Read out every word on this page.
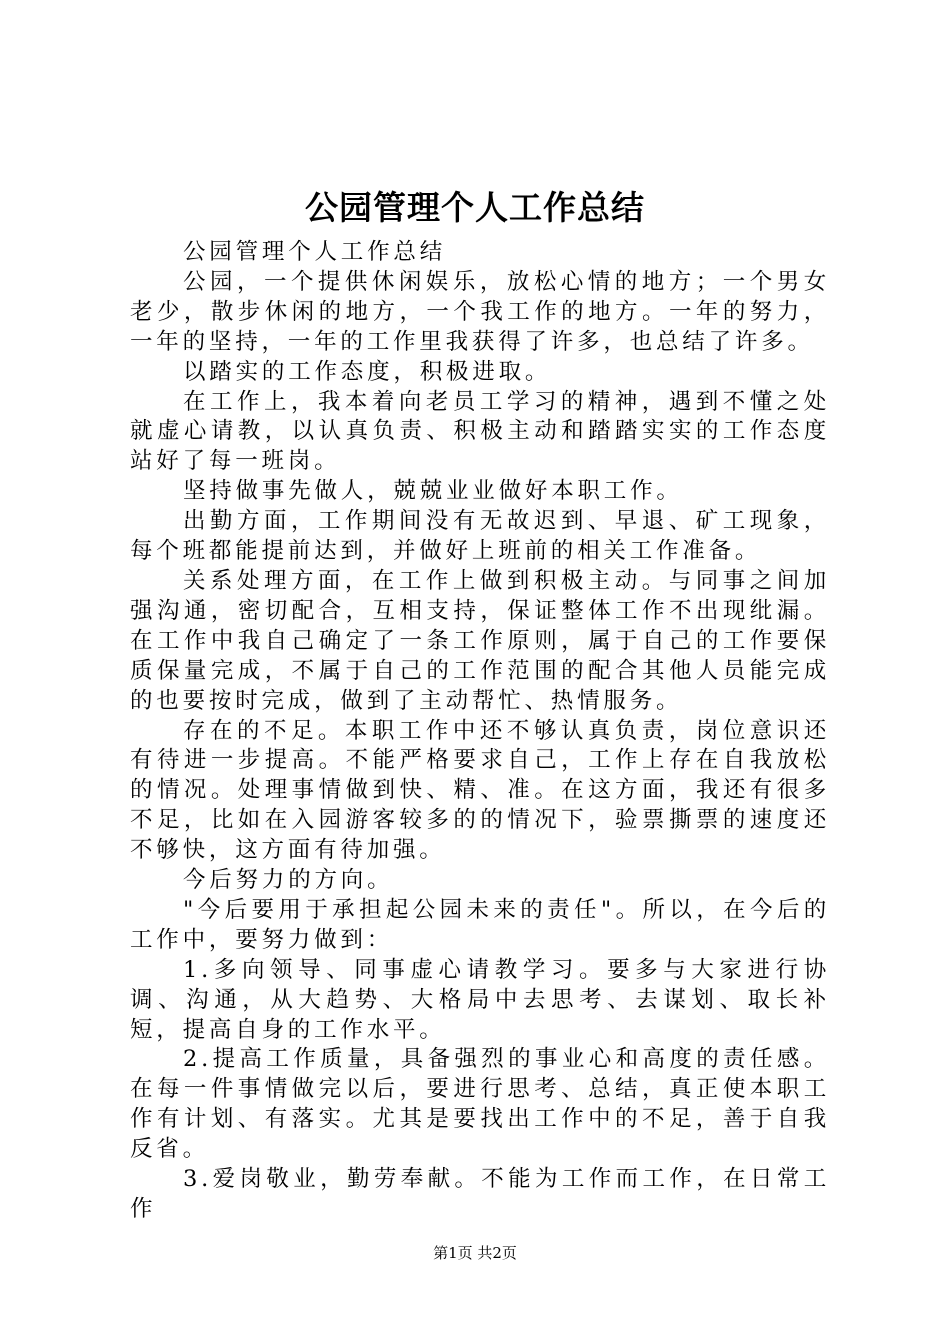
公园管理个人工作总结

公园管理个人工作总结

公园，一个提供休闲娱乐，放松心情的地方；一个男女老少，散步休闲的地方，一个我工作的地方。一年的努力，一年的坚持，一年的工作里我获得了许多，也总结了许多。

以踏实的工作态度，积极进取。

在工作上，我本着向老员工学习的精神，遇到不懂之处就虚心请教，以认真负责、积极主动和踏踏实实的工作态度站好了每一班岗。

坚持做事先做人，兢兢业业做好本职工作。

出勤方面，工作期间没有无故迟到、早退、矿工现象，每个班都能提前达到，并做好上班前的相关工作准备。

关系处理方面，在工作上做到积极主动。与同事之间加强沟通，密切配合，互相支持，保证整体工作不出现纰漏。在工作中我自己确定了一条工作原则，属于自己的工作要保质保量完成，不属于自己的工作范围的配合其他人员能完成的也要按时完成，做到了主动帮忙、热情服务。

存在的不足。本职工作中还不够认真负责，岗位意识还有待进一步提高。不能严格要求自己，工作上存在自我放松的情况。处理事情做到快、精、准。在这方面，我还有很多不足，比如在入园游客较多的的情况下，验票撕票的速度还不够快，这方面有待加强。

今后努力的方向。

"今后要用于承担起公园未来的责任"。所以，在今后的工作中，要努力做到：

1.多向领导、同事虚心请教学习。要多与大家进行协调、沟通，从大趋势、大格局中去思考、去谋划、取长补短，提高自身的工作水平。

2.提高工作质量，具备强烈的事业心和高度的责任感。在每一件事情做完以后，要进行思考、总结，真正使本职工作有计划、有落实。尤其是要找出工作中的不足，善于自我反省。

3.爱岗敬业，勤劳奉献。不能为工作而工作，在日常工作

第1页 共2页
